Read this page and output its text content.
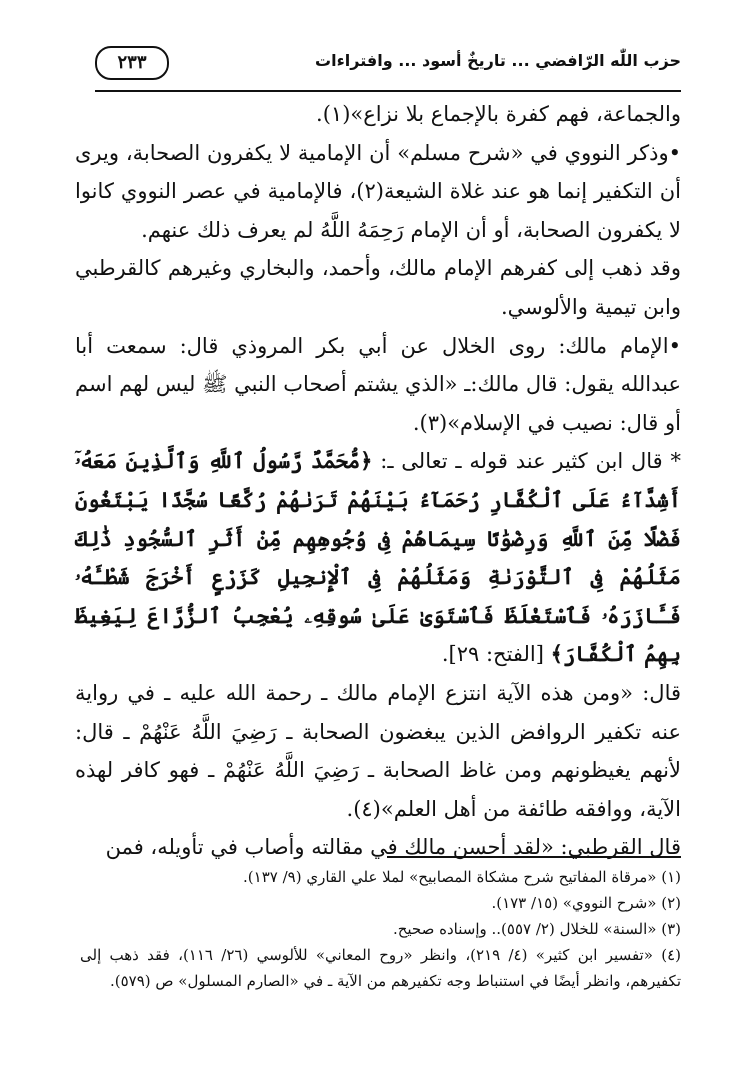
حزب اللّٰه الرّافضي ... تاريخٌ أسود ... وافتراءات
٢٣٣

والجماعة، فهم كفرة بالإجماع بلا نزاع»(١).

•وذكر النووي في «شرح مسلم» أن الإمامية لا يكفرون الصحابة، ويرى أن التكفير إنما هو عند غلاة الشيعة(٢)، فالإمامية في عصر النووي كانوا لا يكفرون الصحابة، أو أن الإمام رَحِمَهُ اللَّهُ لم يعرف ذلك عنهم.

وقد ذهب إلى كفرهم الإمام مالك، وأحمد، والبخاري وغيرهم كالقرطبي وابن تيمية والألوسي.

•الإمام مالك: روى الخلال عن أبي بكر المروذي قال: سمعت أبا عبدالله يقول: قال مالك:ـ «الذي يشتم أصحاب النبي ﷺ ليس لهم اسم أو قال: نصيب في الإسلام»(٣).

* قال ابن كثير عند قوله ـ تعالى ـ: ﴿مُّحَمَّدٌ رَّسُولُ ٱللَّهِ وَٱلَّذِينَ مَعَهُۥٓ أَشِدَّآءُ عَلَى ٱلْكُفَّارِ رُحَمَآءُ بَيْنَهُمْ تَرَىٰهُمْ رُكَّعًا سُجَّدًا يَبْتَغُونَ فَضْلًا مِّنَ ٱللَّهِ وَرِضْوَٰنًا سِيمَاهُمْ فِى وُجُوهِهِم مِّنْ أَثَرِ ٱلسُّجُودِ ذَٰلِكَ مَثَلُهُمْ فِى ٱلتَّوْرَىٰةِ وَمَثَلُهُمْ فِى ٱلْإِنجِيلِ كَزَرْعٍ أَخْرَجَ شَطْـَٔهُۥ فَـَٔازَرَهُۥ فَٱسْتَغْلَظَ فَٱسْتَوَىٰ عَلَىٰ سُوقِهِۦ يُعْجِبُ ٱلزُّرَّاعَ لِيَغِيظَ بِهِمُ ٱلْكُفَّارَ﴾ [الفتح: ٢٩].

قال: «ومن هذه الآية انتزع الإمام مالك ـ رحمة الله عليه ـ في رواية عنه تكفير الروافض الذين يبغضون الصحابة ـ رَضِيَ اللَّهُ عَنْهُمْ ـ قال: لأنهم يغيظونهم ومن غاظ الصحابة ـ رَضِيَ اللَّهُ عَنْهُمْ ـ فهو كافر لهذه الآية، ووافقه طائفة من أهل العلم»(٤).

قال القرطبي: «لقد أحسن مالك في مقالته وأصاب في تأويله، فمن

(١) «مرقاة المفاتيح شرح مشكاة المصابيح» لملا علي القاري (٩/ ١٣٧).

(٢) «شرح النووي» (١٥/ ١٧٣).

(٣) «السنة» للخلال (٢/ ٥٥٧).. وإسناده صحيح.

(٤) «تفسير ابن كثير» (٤/ ٢١٩)، وانظر «روح المعاني» للألوسي (٢٦/ ١١٦)، فقد ذهب إلى تكفيرهم، وانظر أيضًا في استنباط وجه تكفيرهم من الآية ـ في «الصارم المسلول» ص (٥٧٩).
